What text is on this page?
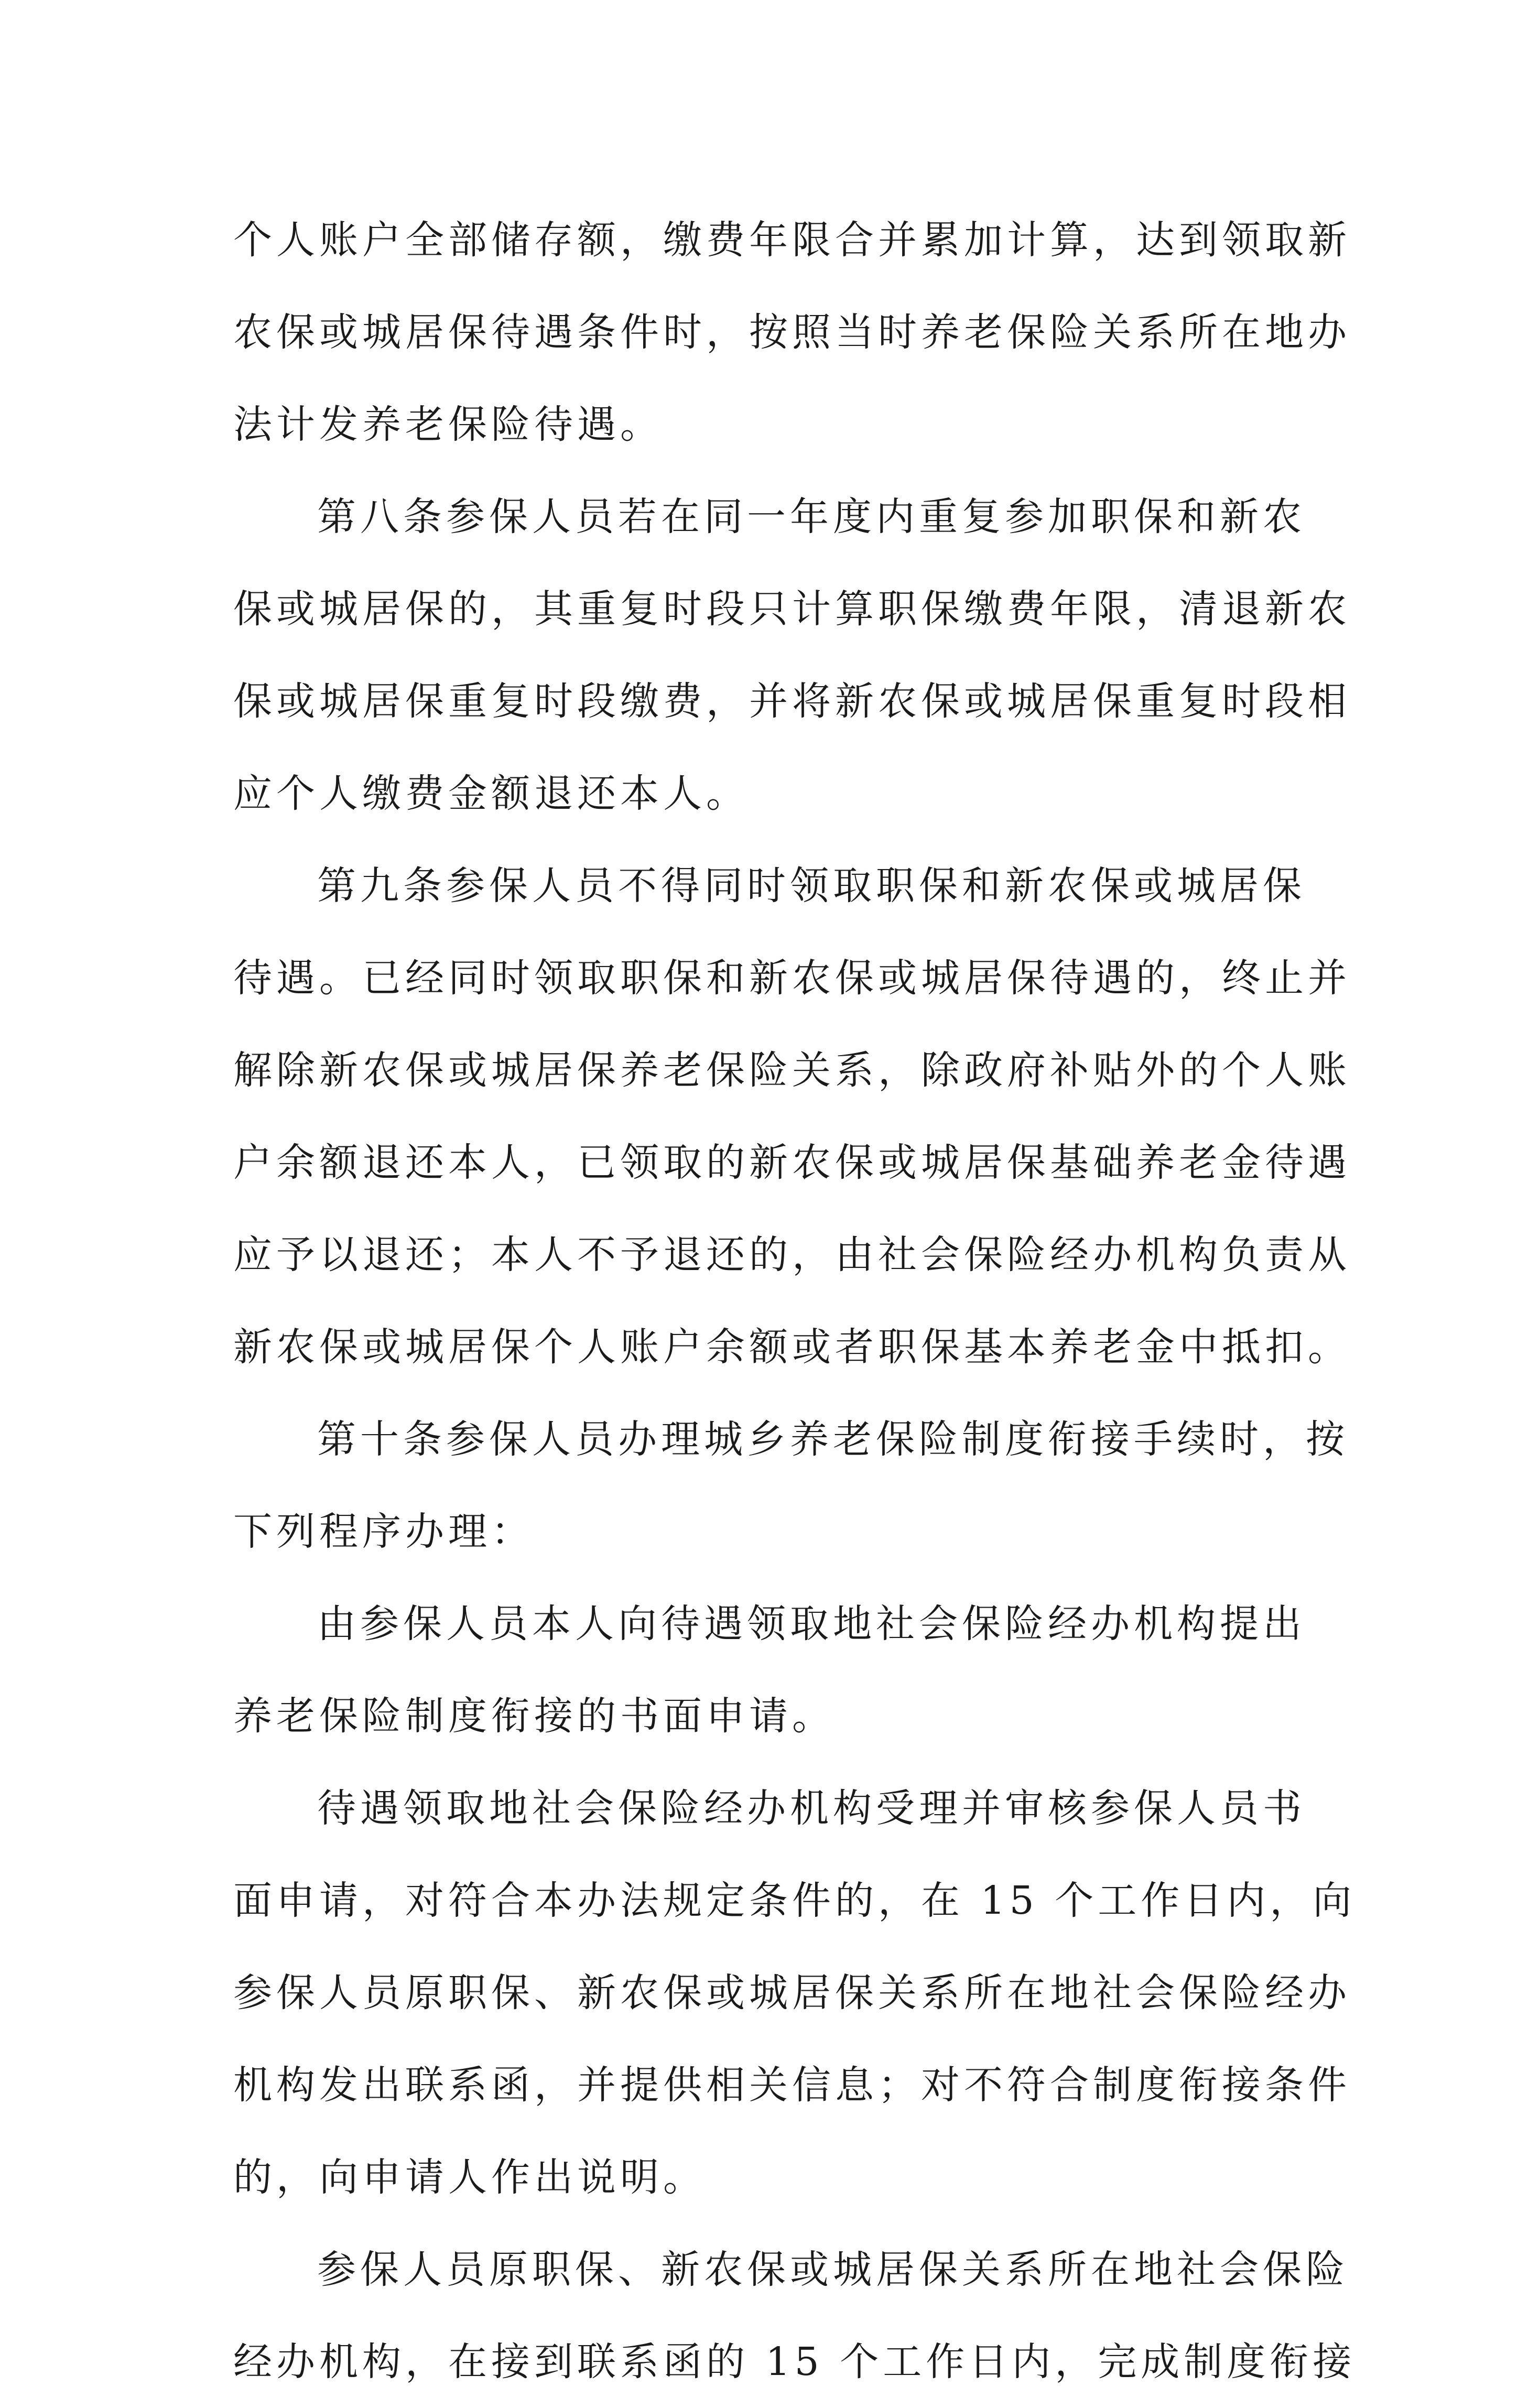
个人账户全部储存额，缴费年限合并累加计算，达到领取新
农保或城居保待遇条件时，按照当时养老保险关系所在地办
法计发养老保险待遇。

第八条参保人员若在同一年度内重复参加职保和新农
保或城居保的，其重复时段只计算职保缴费年限，清退新农
保或城居保重复时段缴费，并将新农保或城居保重复时段相
应个人缴费金额退还本人。

第九条参保人员不得同时领取职保和新农保或城居保
待遇。已经同时领取职保和新农保或城居保待遇的，终止并
解除新农保或城居保养老保险关系，除政府补贴外的个人账
户余额退还本人，已领取的新农保或城居保基础养老金待遇
应予以退还；本人不予退还的，由社会保险经办机构负责从
新农保或城居保个人账户余额或者职保基本养老金中抵扣。

第十条参保人员办理城乡养老保险制度衔接手续时，按
下列程序办理：

由参保人员本人向待遇领取地社会保险经办机构提出
养老保险制度衔接的书面申请。

待遇领取地社会保险经办机构受理并审核参保人员书
面申请，对符合本办法规定条件的，在 15 个工作日内，向
参保人员原职保、新农保或城居保关系所在地社会保险经办
机构发出联系函，并提供相关信息；对不符合制度衔接条件
的，向申请人作出说明。

参保人员原职保、新农保或城居保关系所在地社会保险
经办机构，在接到联系函的 15 个工作日内，完成制度衔接
